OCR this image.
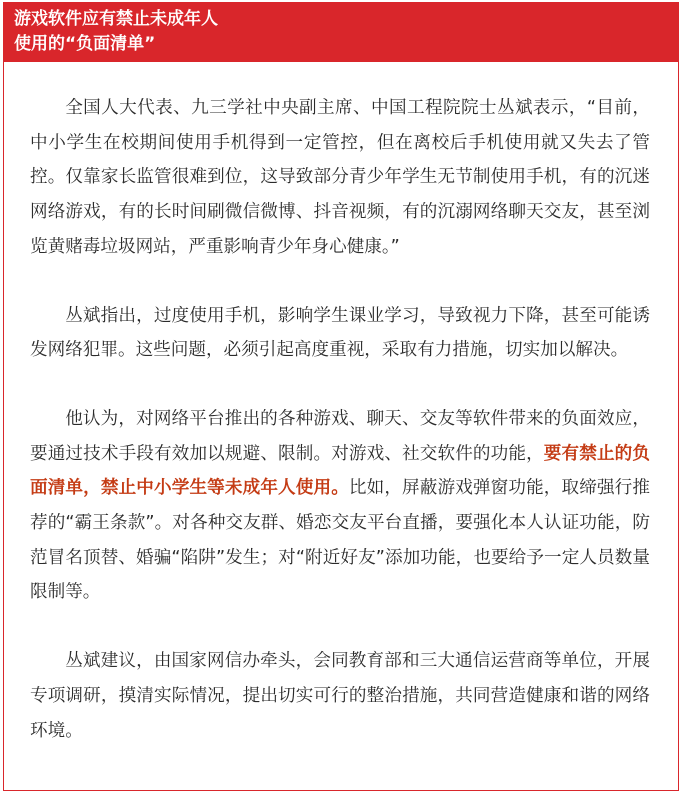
游戏软件应有禁止未成年人
使用的“负面清单”

全国人大代表、九三学社中央副主席、中国工程院院士丛斌表示，“目前，中小学生在校期间使用手机得到一定管控，但在离校后手机使用就又失去了管控。仅靠家长监管很难到位，这导致部分青少年学生无节制使用手机，有的沉迷网络游戏，有的长时间刷微信微博、抖音视频，有的沉溺网络聊天交友，甚至浏览黄赌毒垃圾网站，严重影响青少年身心健康。”

丛斌指出，过度使用手机，影响学生课业学习，导致视力下降，甚至可能诱发网络犯罪。这些问题，必须引起高度重视，采取有力措施，切实加以解决。

他认为，对网络平台推出的各种游戏、聊天、交友等软件带来的负面效应，要通过技术手段有效加以规避、限制。对游戏、社交软件的功能，要有禁止的负面清单，禁止中小学生等未成年人使用。比如，屏蔽游戏弹窗功能，取缔强行推荐的“霸王条款”。对各种交友群、婚恋交友平台直播，要强化本人认证功能，防范冒名顶替、婚骗“陷阱”发生；对“附近好友”添加功能，也要给予一定人员数量限制等。

丛斌建议，由国家网信办牵头，会同教育部和三大通信运营商等单位，开展专项调研，摸清实际情况，提出切实可行的整治措施，共同营造健康和谐的网络环境。
